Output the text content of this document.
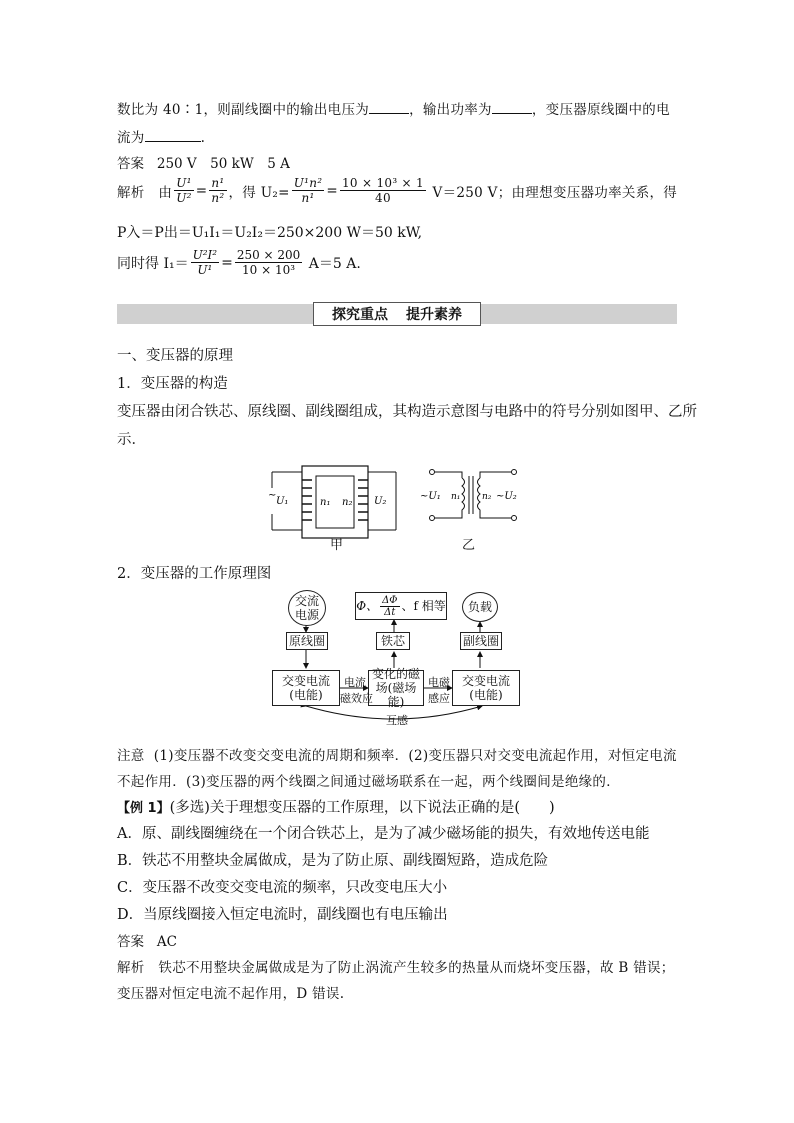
数比为 40∶1，则副线圈中的输出电压为	，输出功率为	，变压器原线圈中的电
流为	.
答案 250 V　50 kW　5 A
解析
由 $\frac{\text{U¹}}{\text{U²}} = \frac{\text{n¹}}{\text{n²}}$ ，得 $U_2= \frac{\text{U¹n²}}{\text{n¹}} = \frac{\text{10 × 10³ × 1}}{40}$
V＝250 V；由理想变压器功率关系，得
P入＝P出＝U₁I₁＝U₂I₂＝250×200 W＝50 kW,
同时得 $I_1= \frac{\text{U²I²}}{\text{U¹}} = \frac{250 \times 200}{\text{10 × 10³}}$
A＝5 A.
探究重点 提升素养
一、变压器的原理
1．变压器的构造
变压器由闭合铁芯、原线圈、副线圈组成，其构造示意图与电路中的符号分别如图甲、乙所
示．
∼
U₁	n₁ n₂ U₂
甲
~U₁ n₁ n₂ ~U₂
乙
2．变压器的工作原理图
交流
电源
Φ、 $\frac{\Delta\Phi}{\Delta t}$ 、f 相等	负载
原线圈	铁芯	副线圈
交变电流
(电能)
变化的磁
场(磁场能)
交变电流
(电能)
电流
磁效应
电磁
感应
互感
注意 (1)变压器不改变交变电流的周期和频率．(2)变压器只对交变电流起作用，对恒定电流
不起作用．(3)变压器的两个线圈之间通过磁场联系在一起，两个线圈间是绝缘的．
【例 1】(多选)关于理想变压器的工作原理，以下说法正确的是(　　)
A．原、副线圈缠绕在一个闭合铁芯上，是为了减少磁场能的损失，有效地传送电能
B．铁芯不用整块金属做成，是为了防止原、副线圈短路，造成危险
C．变压器不改变交变电流的频率，只改变电压大小
D．当原线圈接入恒定电流时，副线圈也有电压输出
答案 AC
解析 铁芯不用整块金属做成是为了防止涡流产生较多的热量从而烧坏变压器，故 B 错误；
变压器对恒定电流不起作用，D 错误.
